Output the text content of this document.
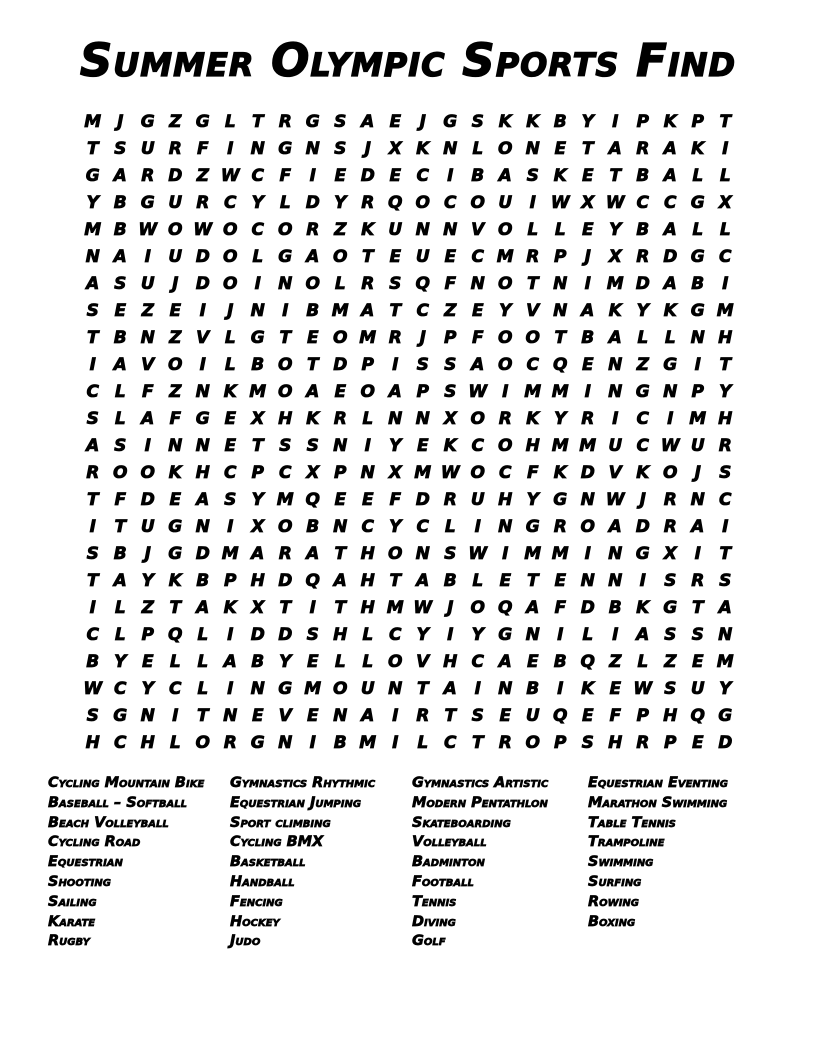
Summer Olympic Sports Find
M J	G Z G L T R G S A E	J	G S K K B Y	I	P K P T
T S U R F	I	N G N S	J	X K N L O N E T A R A K	I
G A R D Z W C F	I	E D E C	I	B A S K E T B A L L
Y B G U R C Y L D Y R Q O C O U	I W X W C C G X
M B W O W O C O R Z K U N N V O L L E Y B A L L
N A	I	U D O L G A O T E U E C M R P	J	X R D G C
A S U	J	D O	I	N O L R S Q F N O T N	I M D A B	I
S E Z E	I	J	N	I	B M A T C Z E Y V N A K Y K G M
T B N Z V L G T E O M R	J	P F O O T B A L L N H
I	A V O	I	L B O T D P	I	S S A O C Q E N Z G	I	T
C L F Z N K M O A E O A P S W I M M I	N G N P Y
S L A F G E X H K R L N N X O R K Y R	I	C	I M H
A S	I	N N E T S S N	I	Y E K C O H M M U C W U R
R O O K H C P C X P N X M W O C F K D V K O	J	S
T F D E A S Y M Q E E F D R U H Y G N W J	R N C
I	T U G N	I	X O B N C Y C L	I	N G R O A D R A	I
S B	J	G D M A R A T H O N S W I M M I	N G X	I	T
T A Y K B P H D Q A H T A B L E T E N N	I	S R S
I	L Z T A K X T	I	T H M W J	O Q A F D B K G T A
C L P Q L	I	D D S H L C Y	I	Y G N	I	L	I	A S S N
B Y E L L A B Y E L L O V H C A E B Q Z L Z E M
W C Y C L	I	N G M O U N T A	I	N B	I	K E W S U Y
S G N	I	T N E V E N A	I	R T S E U Q E F P H Q G
H C H L O R G N	I	B M I	L C T R O P S H R P E D
Cycling Mountain Bike
Baseball – Softball
Beach Volleyball
Cycling Road
Equestrian
Shooting
Sailing
Karate
Rugby
Gymnastics Rhythmic
Equestrian Jumping
Sport climbing
Cycling BMX
Basketball
Handball
Fencing
Hockey
Judo
Gymnastics Artistic
Modern Pentathlon
Skateboarding
Volleyball
Badminton
Football
Tennis
Diving
Golf
Equestrian Eventing
Marathon Swimming
Table Tennis
Trampoline
Swimming
Surfing
Rowing
Boxing
